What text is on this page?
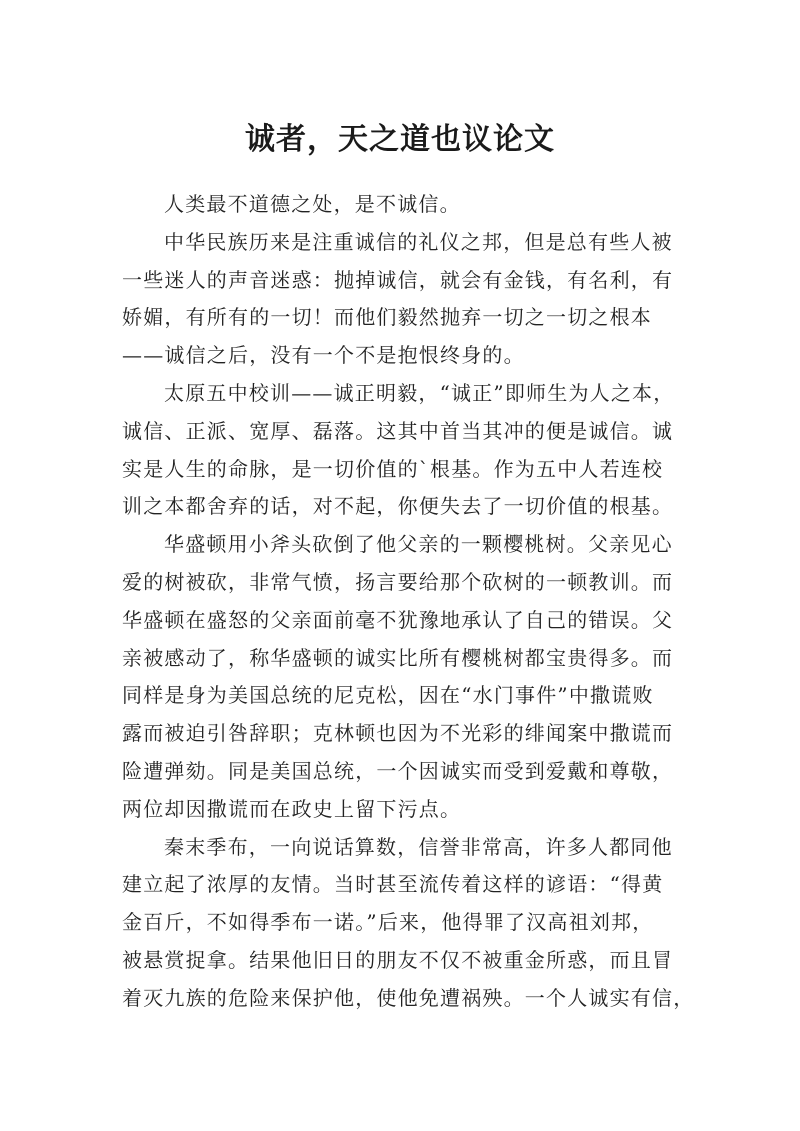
诚者，天之道也议论文

人类最不道德之处，是不诚信。

中华民族历来是注重诚信的礼仪之邦，但是总有些人被
一些迷人的声音迷惑：抛掉诚信，就会有金钱，有名利，有
娇媚，有所有的一切！而他们毅然抛弃一切之一切之根本
——诚信之后，没有一个不是抱恨终身的。

太原五中校训——诚正明毅，“诚正”即师生为人之本，
诚信、正派、宽厚、磊落。这其中首当其冲的便是诚信。诚
实是人生的命脉，是一切价值的`根基。作为五中人若连校
训之本都舍弃的话，对不起，你便失去了一切价值的根基。

华盛顿用小斧头砍倒了他父亲的一颗樱桃树。父亲见心
爱的树被砍，非常气愤，扬言要给那个砍树的一顿教训。而
华盛顿在盛怒的父亲面前毫不犹豫地承认了自己的错误。父
亲被感动了，称华盛顿的诚实比所有樱桃树都宝贵得多。而
同样是身为美国总统的尼克松，因在“水门事件”中撒谎败
露而被迫引咎辞职；克林顿也因为不光彩的绯闻案中撒谎而
险遭弹劾。同是美国总统，一个因诚实而受到爱戴和尊敬，
两位却因撒谎而在政史上留下污点。

秦末季布，一向说话算数，信誉非常高，许多人都同他
建立起了浓厚的友情。当时甚至流传着这样的谚语：“得黄
金百斤，不如得季布一诺。”后来，他得罪了汉高祖刘邦，
被悬赏捉拿。结果他旧日的朋友不仅不被重金所惑，而且冒
着灭九族的危险来保护他，使他免遭祸殃。一个人诚实有信，
